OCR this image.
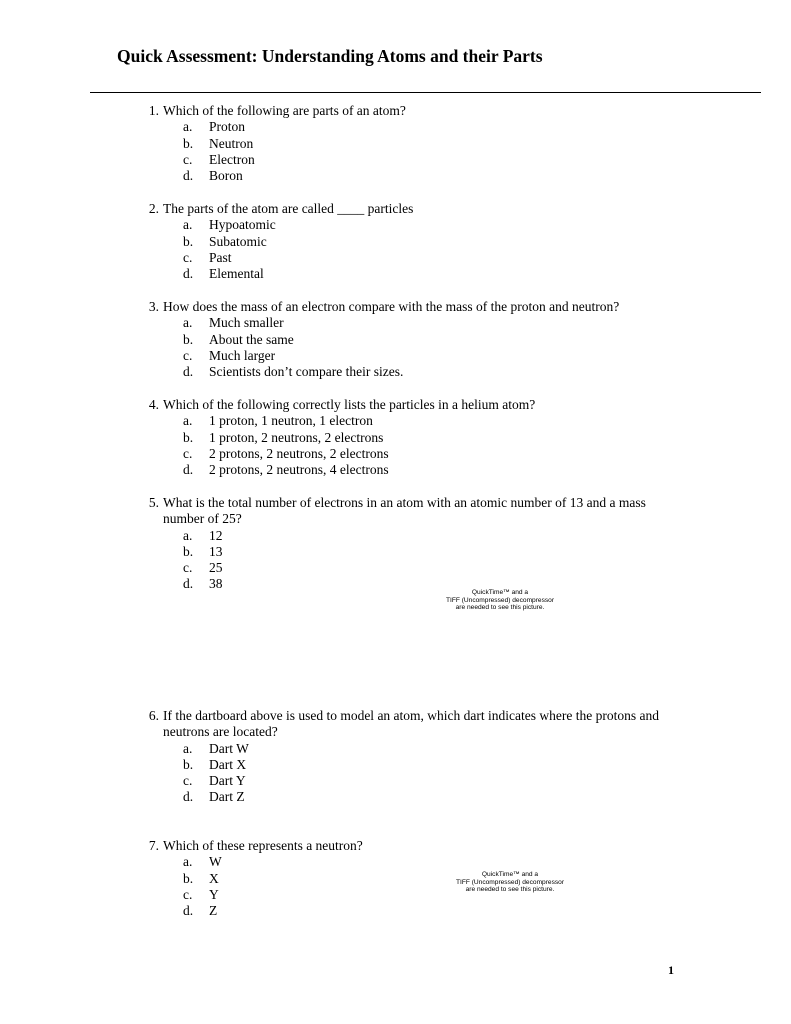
Quick Assessment: Understanding Atoms and their Parts
1. Which of the following are parts of an atom?
a. Proton
b. Neutron
c. Electron
d. Boron
2. The parts of the atom are called ____ particles
a. Hypoatomic
b. Subatomic
c. Past
d. Elemental
3. How does the mass of an electron compare with the mass of the proton and neutron?
a. Much smaller
b. About the same
c. Much larger
d. Scientists don’t compare their sizes.
4. Which of the following correctly lists the particles in a helium atom?
a. 1 proton, 1 neutron, 1 electron
b. 1 proton, 2 neutrons, 2 electrons
c. 2 protons, 2 neutrons, 2 electrons
d. 2 protons, 2 neutrons, 4 electrons
5. What is the total number of electrons in an atom with an atomic number of 13 and a mass number of 25?
a. 12
b. 13
c. 25
d. 38
QuickTime™ and a
TIFF (Uncompressed) decompressor
are needed to see this picture.
6. If the dartboard above is used to model an atom, which dart indicates where the protons and neutrons are located?
a. Dart W
b. Dart X
c. Dart Y
d. Dart Z
7. Which of these represents a neutron?
a. W
b. X
c. Y
d. Z
QuickTime™ and a
TIFF (Uncompressed) decompressor
are needed to see this picture.
1
